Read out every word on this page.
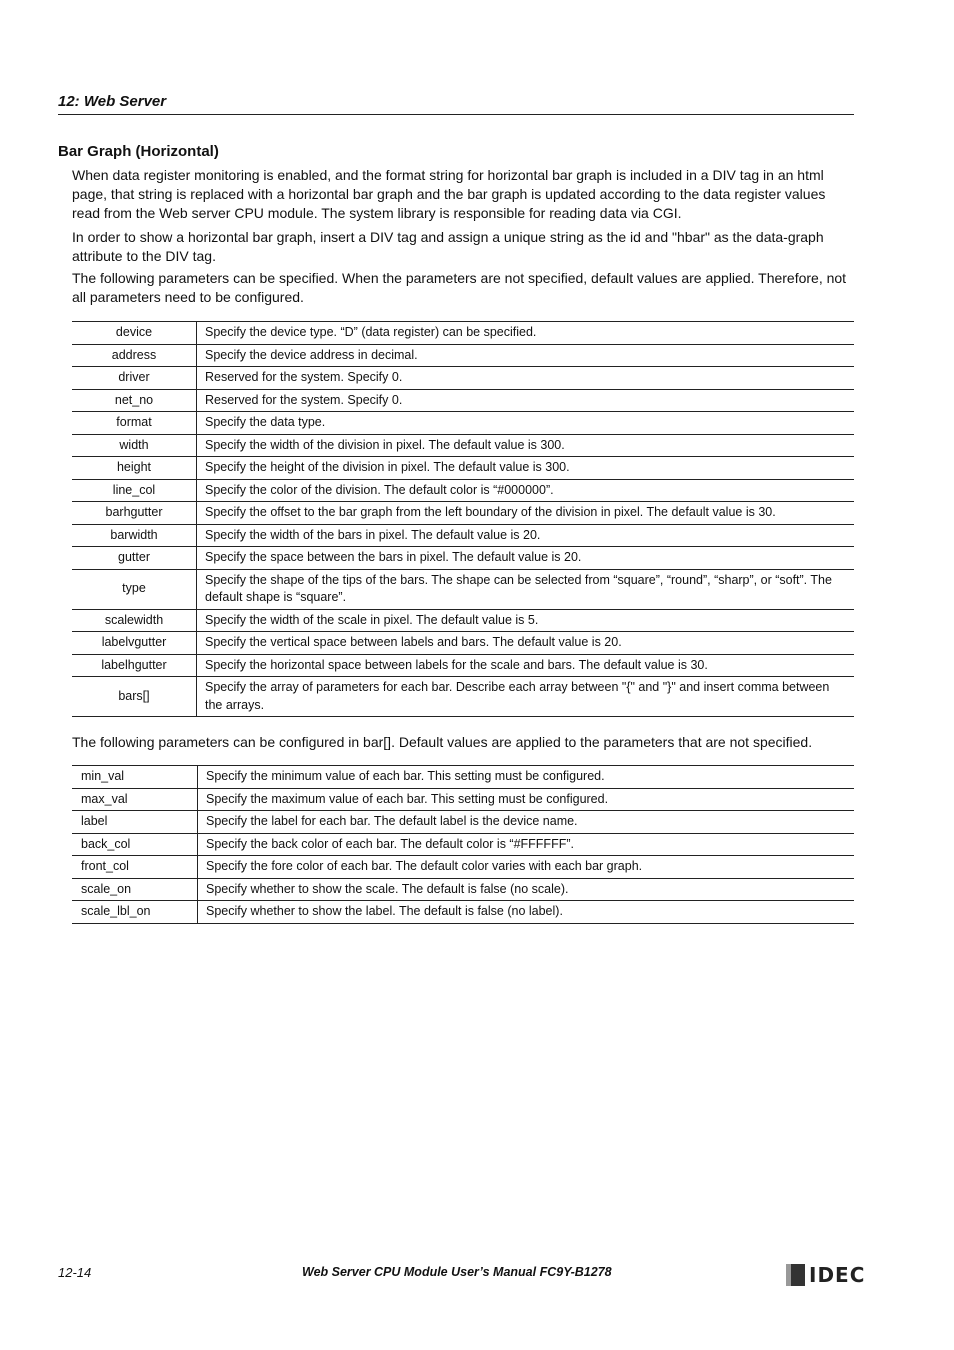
12: Web Server
Bar Graph (Horizontal)
When data register monitoring is enabled, and the format string for horizontal bar graph is included in a DIV tag in an html page, that string is replaced with a horizontal bar graph and the bar graph is updated according to the data register values read from the Web server CPU module. The system library is responsible for reading data via CGI.
In order to show a horizontal bar graph, insert a DIV tag and assign a unique string as the id and "hbar" as the data-graph attribute to the DIV tag.
The following parameters can be specified. When the parameters are not specified, default values are applied. Therefore, not all parameters need to be configured.
device	Specify the device type. “D” (data register) can be specified.
address	Specify the device address in decimal.
driver	Reserved for the system. Specify 0.
net_no	Reserved for the system. Specify 0.
format	Specify the data type.
width	Specify the width of the division in pixel. The default value is 300.
height	Specify the height of the division in pixel. The default value is 300.
line_col	Specify the color of the division. The default color is “#000000”.
barhgutter	Specify the offset to the bar graph from the left boundary of the division in pixel. The default value is 30.
barwidth	Specify the width of the bars in pixel. The default value is 20.
gutter	Specify the space between the bars in pixel. The default value is 20.
type	Specify the shape of the tips of the bars. The shape can be selected from “square”, “round”, “sharp”, or “soft”. The default shape is “square”.
scalewidth	Specify the width of the scale in pixel. The default value is 5.
labelvgutter	Specify the vertical space between labels and bars. The default value is 20.
labelhgutter	Specify the horizontal space between labels for the scale and bars. The default value is 30.
bars[]	Specify the array of parameters for each bar. Describe each array between "{" and "}" and insert comma between the arrays.
The following parameters can be configured in bar[]. Default values are applied to the parameters that are not specified.
min_val	Specify the minimum value of each bar. This setting must be configured.
max_val	Specify the maximum value of each bar. This setting must be configured.
label	Specify the label for each bar. The default label is the device name.
back_col	Specify the back color of each bar. The default color is “#FFFFFF”.
front_col	Specify the fore color of each bar. The default color varies with each bar graph.
scale_on	Specify whether to show the scale. The default is false (no scale).
scale_lbl_on	Specify whether to show the label. The default is false (no label).
12-14	Web Server CPU Module User’s Manual FC9Y-B1278	IDEC
